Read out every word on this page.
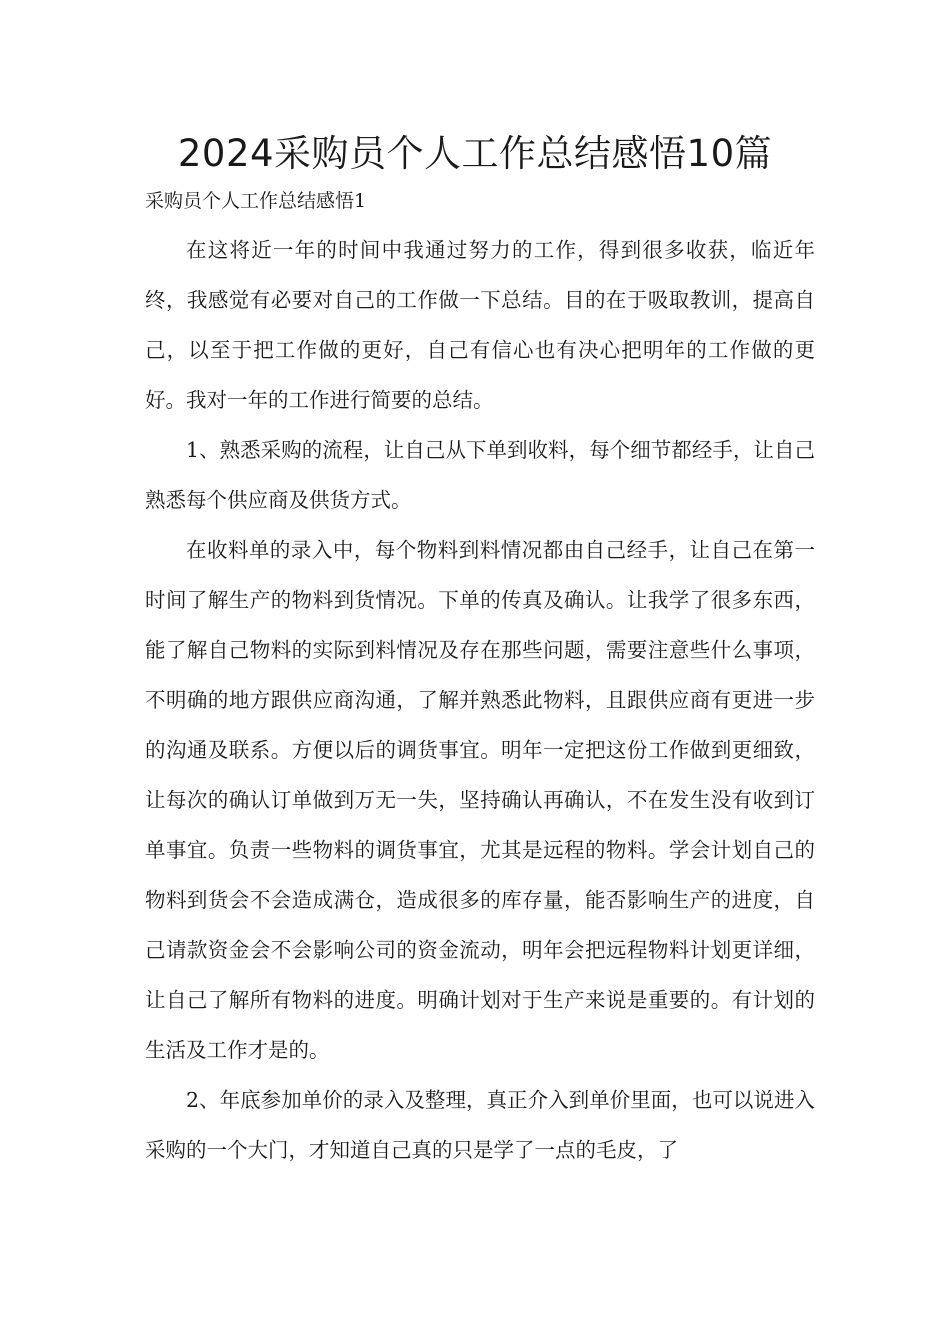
2024采购员个人工作总结感悟10篇
采购员个人工作总结感悟1

在这将近一年的时间中我通过努力的工作，得到很多收获，临近年终，我感觉有必要对自己的工作做一下总结。目的在于吸取教训，提高自己，以至于把工作做的更好，自己有信心也有决心把明年的工作做的更好。我对一年的工作进行简要的总结。

1、熟悉采购的流程，让自己从下单到收料，每个细节都经手，让自己熟悉每个供应商及供货方式。

在收料单的录入中，每个物料到料情况都由自己经手，让自己在第一时间了解生产的物料到货情况。下单的传真及确认。让我学了很多东西，能了解自己物料的实际到料情况及存在那些问题，需要注意些什么事项，不明确的地方跟供应商沟通，了解并熟悉此物料，且跟供应商有更进一步的沟通及联系。方便以后的调货事宜。明年一定把这份工作做到更细致，让每次的确认订单做到万无一失，坚持确认再确认，不在发生没有收到订单事宜。负责一些物料的调货事宜，尤其是远程的物料。学会计划自己的物料到货会不会造成满仓，造成很多的库存量，能否影响生产的进度，自己请款资金会不会影响公司的资金流动，明年会把远程物料计划更详细，让自己了解所有物料的进度。明确计划对于生产来说是重要的。有计划的生活及工作才是的。

2、年底参加单价的录入及整理，真正介入到单价里面，也可以说进入采购的一个大门，才知道自己真的只是学了一点的毛皮，了
